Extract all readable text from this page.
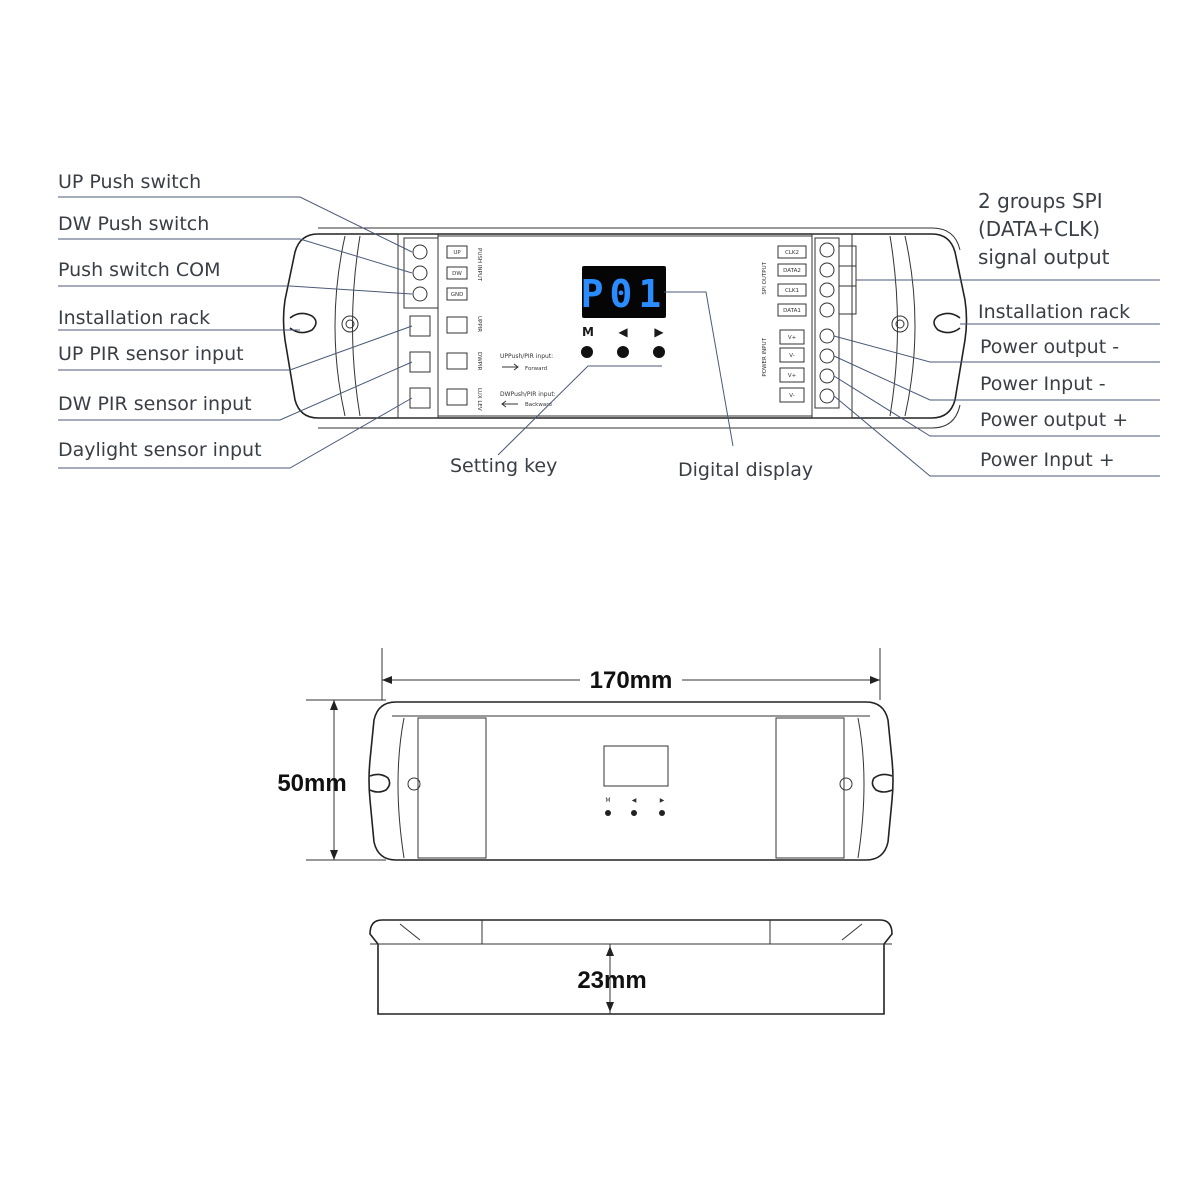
UP
DW
GND
PUSH INPUT
UPPIR
DWPIR
LUX LEV
UPPush/PIR input:
Forward
DWPush/PIR input:
Backward
P01
M ◀ ▶
CLK2
DATA2
CLK1
DATA1
SPI OUTPUT
V+
V-
V+
V-
POWER INPUT
UP Push switch
DW Push switch
Push switch COM
Installation rack
UP PIR sensor input
DW PIR sensor input
Daylight sensor input
Setting key	Digital display
2 groups SPI
(DATA+CLK)
signal output
Installation rack
Power output -
Power Input -
Power output +
Power Input +
170mm
50mm
M	◀	▶
23mm
